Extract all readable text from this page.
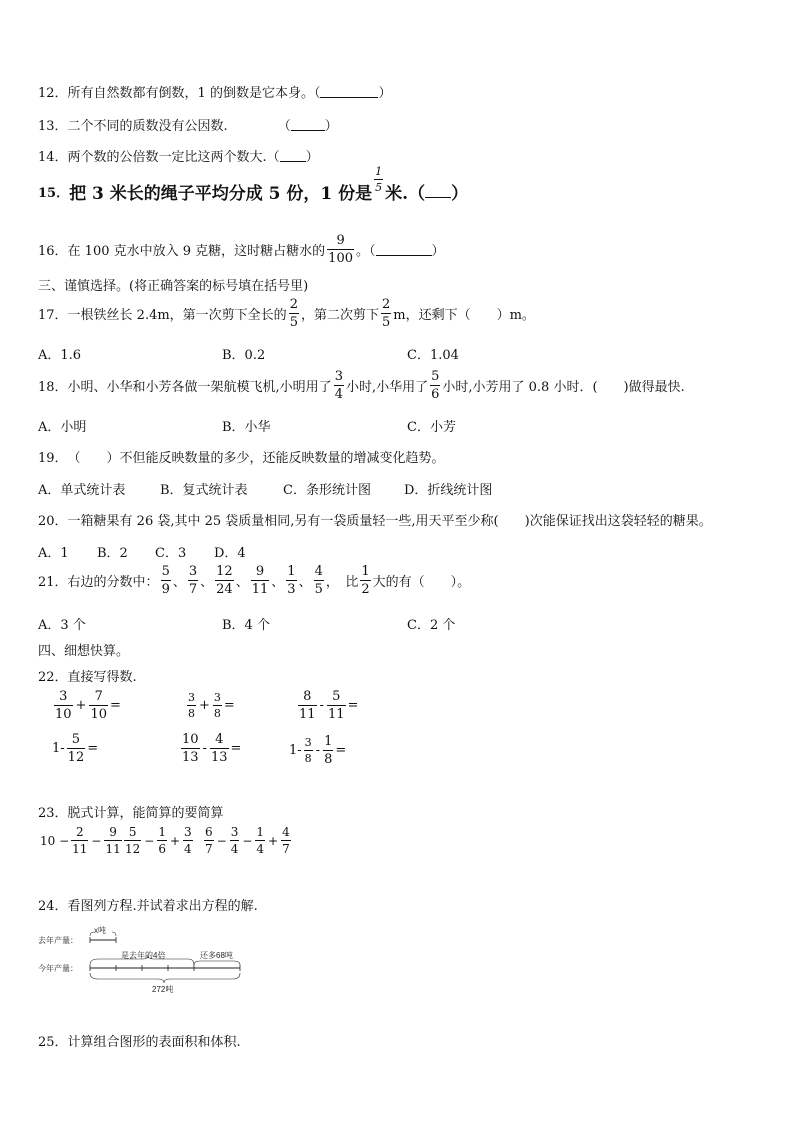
12． 所有自然数都有倒数，1 的倒数是它本身。（	）
13． 二个不同的质数没有公因数.	（	）
14． 两个数的公倍数一定比这两个数大.（ ）
15． 把 3 米长的绳子平均分成 5 份，1 份是
$\frac{1}{5}$
米.（ ）
16． 在 100 克水中放入 9 克糖，这时糖占糖水的 $\frac{9}{100}$ 。（	）
三、谨慎选择。(将正确答案的标号填在括号里)
17． 一根铁丝长 2.4m，第一次剪下全长的 $\frac{2}{5}$ ，第二次剪下 $\frac{2}{5}$ m，还剩下（　　）m。
A．1.6	B．0.2	C．1.04
18． 小明、小华和小芳各做一架航模飞机,小明用了 $\frac{3}{4}$ 小时,小华用了 $\frac{5}{6}$ 小时,小芳用了 0.8 小时．(　　)做得最快.
A．小明	B．小华	C．小芳
19． （　　）不但能反映数量的多少，还能反映数量的增减变化趋势。
A．单式统计表	B．复式统计表	C．条形统计图	D．折线统计图
20． 一箱糖果有 26 袋,其中 25 袋质量相同,另有一袋质量轻一些,用天平至少称(　　)次能保证找出这袋轻轻的糖果。
A．1 B．2 C．3 D．4
21． 右边的分数中： $\frac{5}{9}$ 、 $\frac{3}{7}$ 、 $\frac{12}{24}$ 、 $\frac{9}{11}$ 、 $\frac{1}{3}$ 、 $\frac{4}{5}$ ，　比 $\frac{1}{2}$ 大的有（　　）。
A．3 个	B．4 个	C．2 个
四、细想快算。
22． 直接写得数.
$\frac{3}{10} + \frac{7}{10}$ =	$\frac{3}{8} + \frac{3}{8}$ =	$\frac{8}{11} - \frac{5}{11}$ =
$1- \frac{5}{12}$ =	$\frac{10}{13} - \frac{4}{13}$ =	$1- \frac{3}{8} - \frac{1}{8}$ =
23． 脱式计算，能简算的要简算
$10 - \frac{2}{11} - \frac{9}{11} \frac{5}{12} - \frac{1}{6} + \frac{3}{4} \frac{6}{7} - \frac{3}{4} - \frac{1}{4} + \frac{4}{7}$
24． 看图列方程.并试着求出方程的解.
去年产量：
今年产量：
x吨
是去年的4倍	还多68吨
272吨
25． 计算组合图形的表面积和体积.
